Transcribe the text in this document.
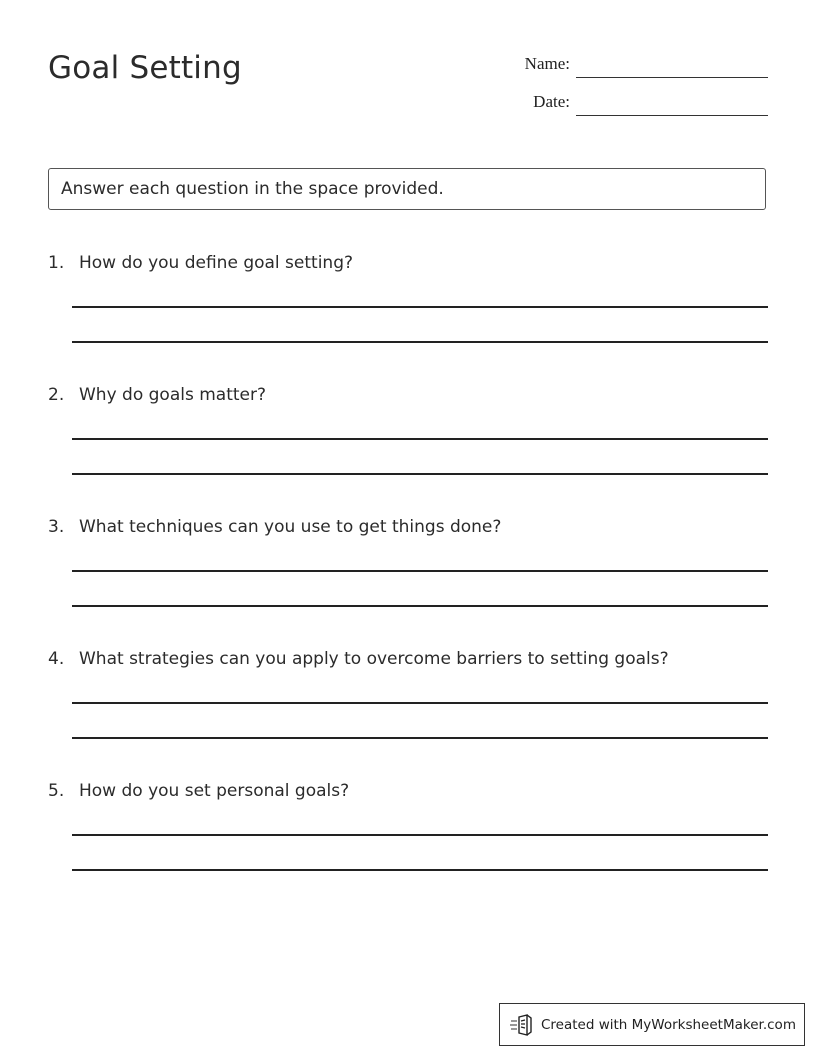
Goal Setting	Name:
Date:
Answer each question in the space provided.
1. How do you define goal setting?
2. Why do goals matter?
3. What techniques can you use to get things done?
4. What strategies can you apply to overcome barriers to setting goals?
5. How do you set personal goals?
Created with MyWorksheetMaker.com
